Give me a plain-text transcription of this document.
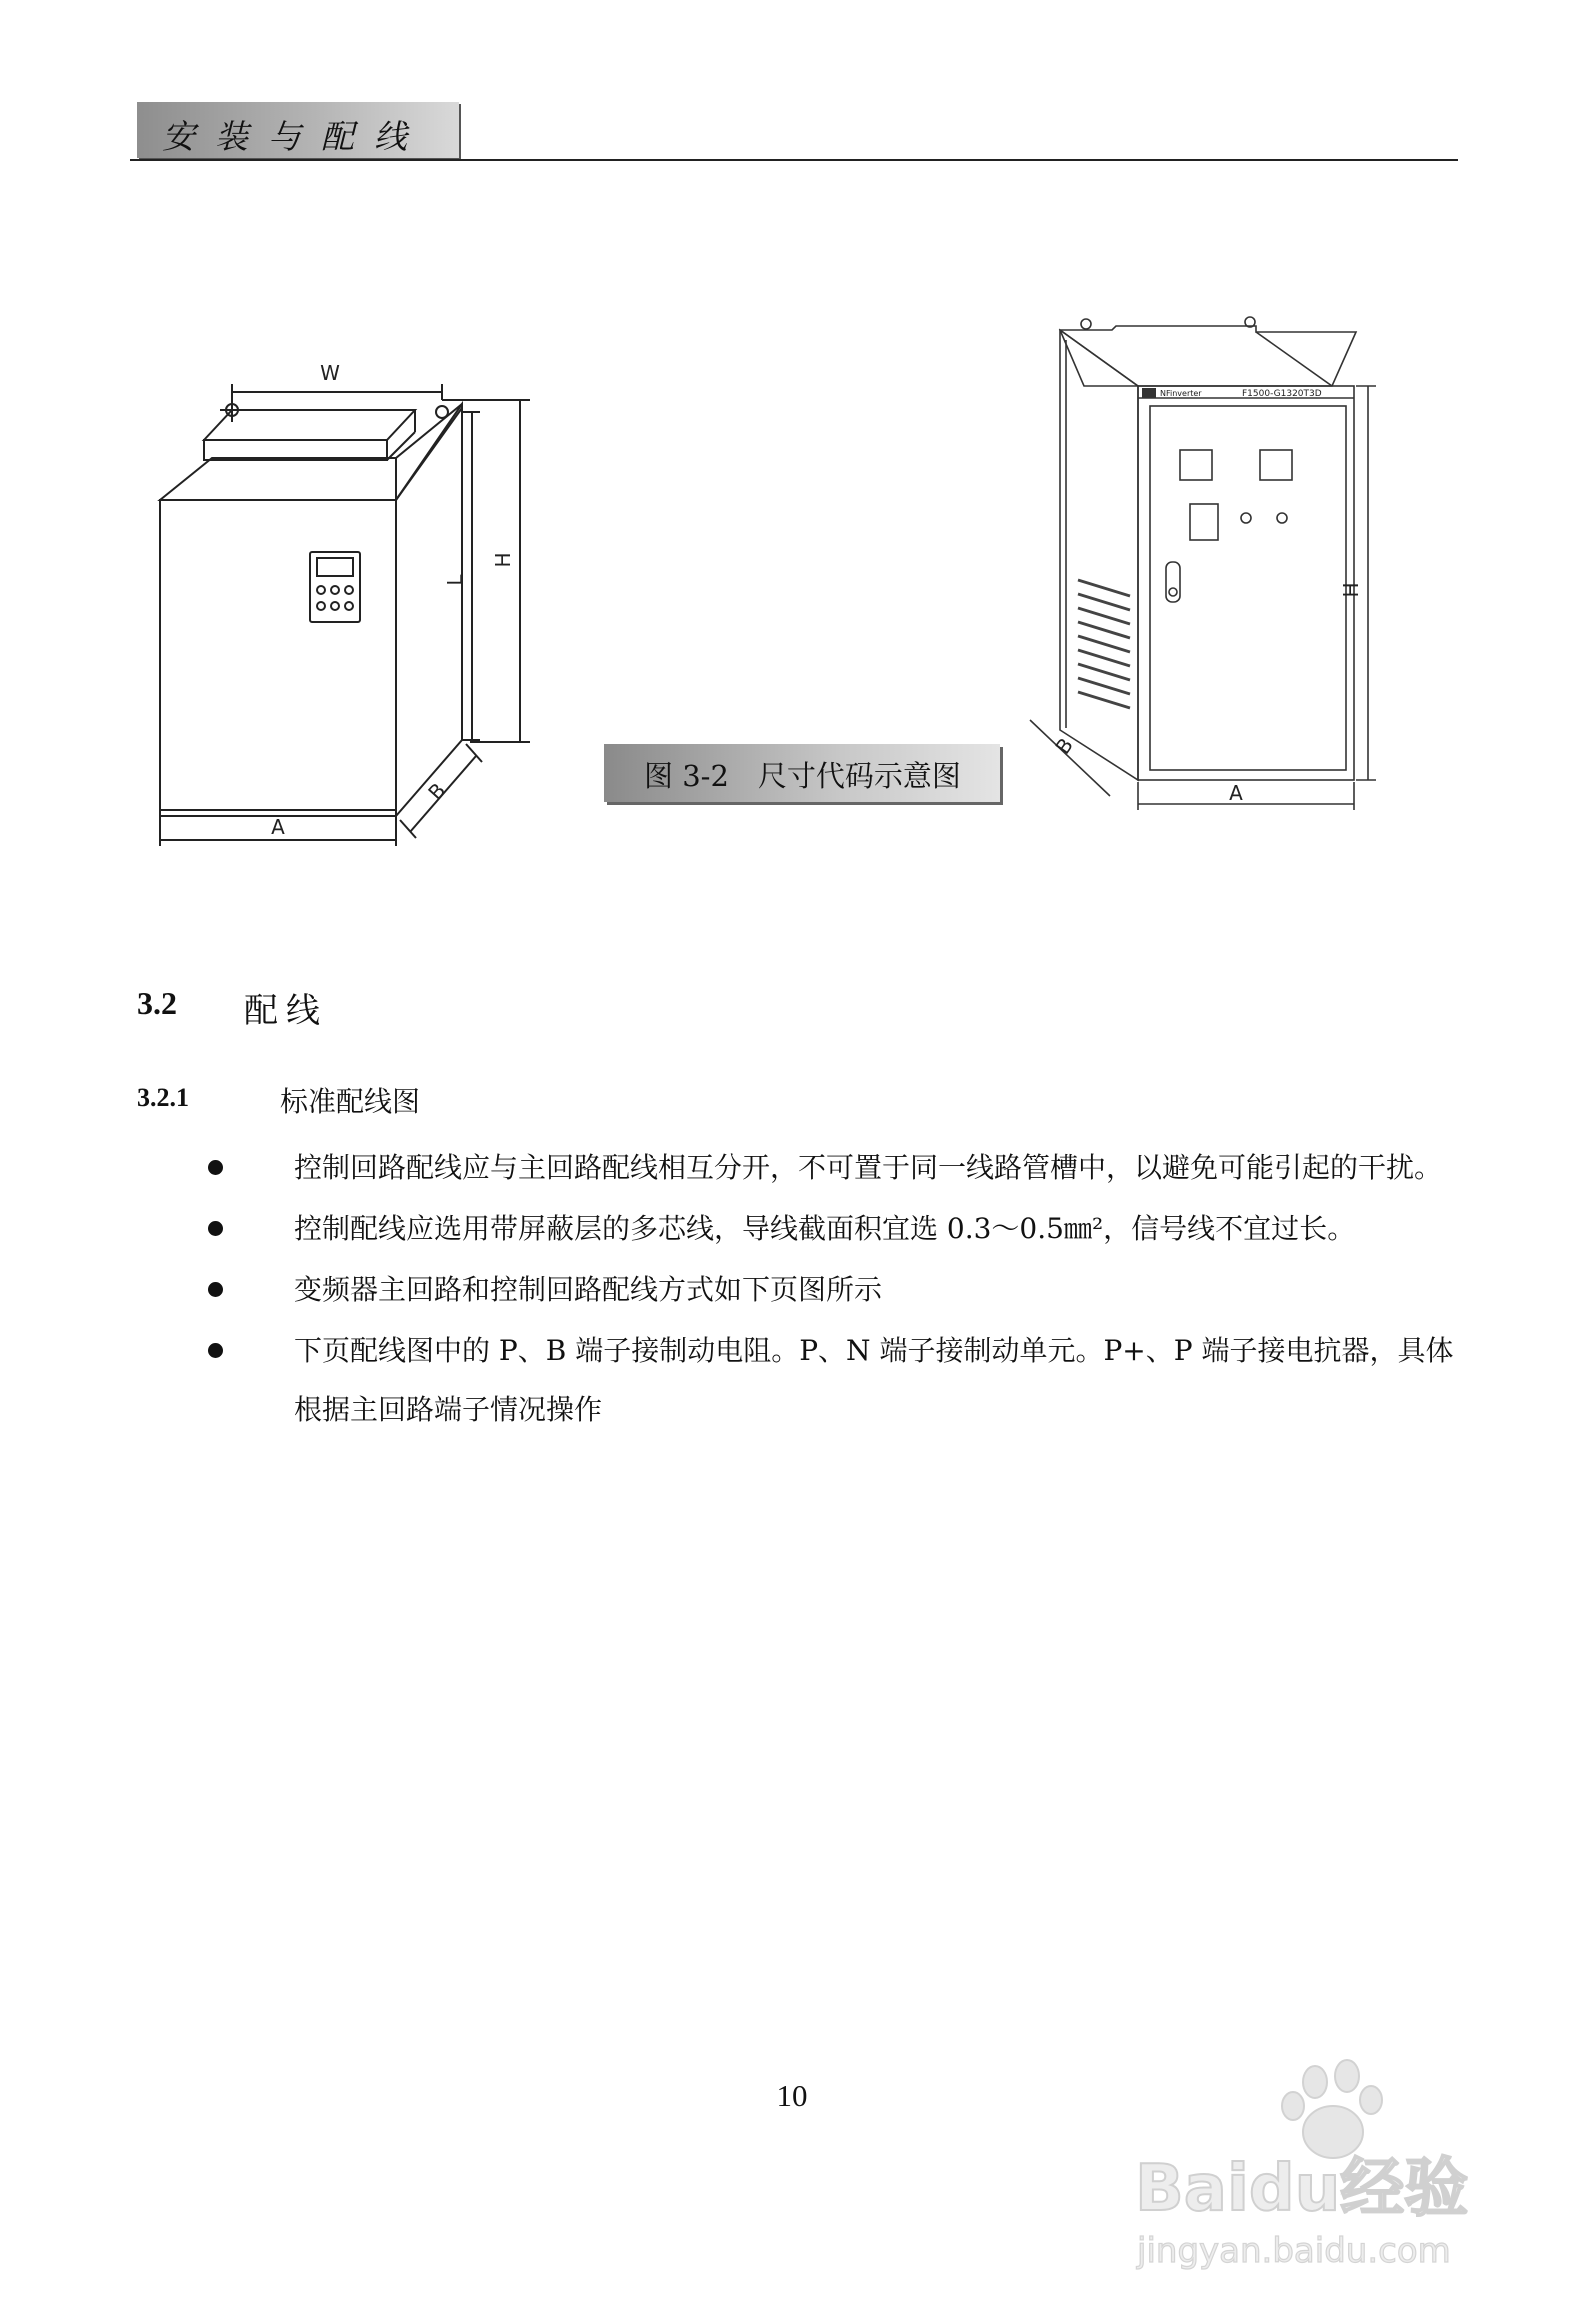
安装与配线
W
L
H
A
B	图 3-2　尺寸代码示意图
NFinverter	F1500-G1320T3D
H
A
B
3.2 配线
3.2.1	标准配线图
控制回路配线应与主回路配线相互分开，不可置于同一线路管槽中，以避免可能引起的干扰。
控制配线应选用带屏蔽层的多芯线，导线截面积宜选 0.3～0.5㎜²，信号线不宜过长。
变频器主回路和控制回路配线方式如下页图所示
下页配线图中的 P、B 端子接制动电阻。P、N 端子接制动单元。P+、P 端子接电抗器，具体根据主回路端子情况操作
10
Baidu经验
jingyan.baidu.com
